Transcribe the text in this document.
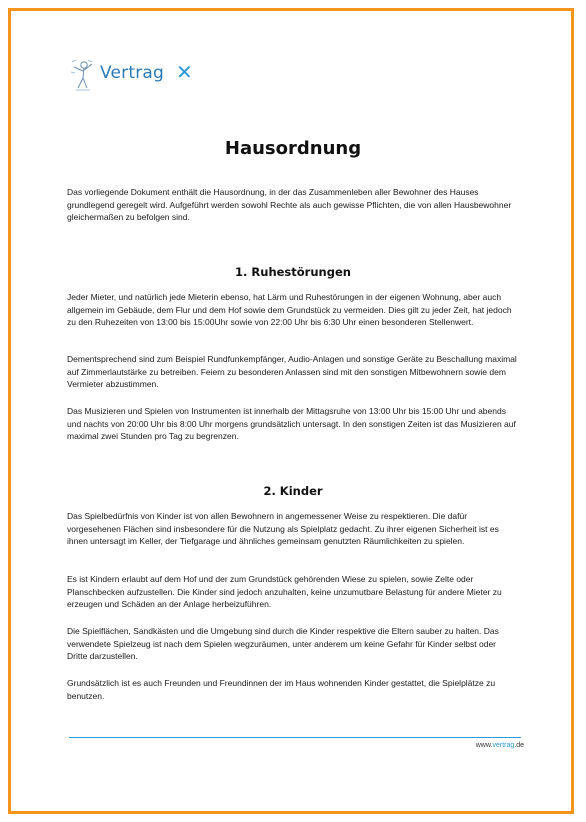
Vertrag ✕
Hausordnung

Das vorliegende Dokument enthält die Hausordnung, in der das Zusammenleben aller Bewohner des Hauses grundlegend geregelt wird. Aufgeführt werden sowohl Rechte als auch gewisse Pflichten, die von allen Hausbewohner gleichermaßen zu befolgen sind.

1. Ruhestörungen

Jeder Mieter, und natürlich jede Mieterin ebenso, hat Lärm und Ruhestörungen in der eigenen Wohnung, aber auch allgemein im Gebäude, dem Flur und dem Hof sowie dem Grundstück zu vermeiden. Dies gilt zu jeder Zeit, hat jedoch zu den Ruhezeiten von 13:00 bis 15:00Uhr sowie von 22:00 Uhr bis 6:30 Uhr einen besonderen Stellenwert.

Dementsprechend sind zum Beispiel Rundfunkempfänger, Audio-Anlagen und sonstige Geräte zu Beschallung maximal auf Zimmerlautstärke zu betreiben. Feiern zu besonderen Anlassen sind mit den sonstigen Mitbewohnern sowie dem Vermieter abzustimmen.

Das Musizieren und Spielen von Instrumenten ist innerhalb der Mittagsruhe von 13:00 Uhr bis 15:00 Uhr und abends und nachts von 20:00 Uhr bis 8:00 Uhr morgens grundsätzlich untersagt. In den sonstigen Zeiten ist das Musizieren auf maximal zwei Stunden pro Tag zu begrenzen.

2. Kinder

Das Spielbedürfnis von Kinder ist von allen Bewohnern in angemessener Weise zu respektieren. Die dafür vorgesehenen Flächen sind insbesondere für die Nutzung als Spielplatz gedacht. Zu ihrer eigenen Sicherheit ist es ihnen untersagt im Keller, der Tiefgarage und ähnliches gemeinsam genutzten Räumlichkeiten zu spielen.

Es ist Kindern erlaubt auf dem Hof und der zum Grundstück gehörenden Wiese zu spielen, sowie Zelte oder Planschbecken aufzustellen. Die Kinder sind jedoch anzuhalten, keine unzumutbare Belastung für andere Mieter zu erzeugen und Schäden an der Anlage herbeizuführen.

Die Spielflächen, Sandkästen und die Umgebung sind durch die Kinder respektive die Eltern sauber zu halten. Das verwendete Spielzeug ist nach dem Spielen wegzuräumen, unter anderem um keine Gefahr für Kinder selbst oder Dritte darzustellen.

Grundsätzlich ist es auch Freunden und Freundinnen der im Haus wohnenden Kinder gestattet, die Spielplätze zu benutzen.

www.vertrag.de
